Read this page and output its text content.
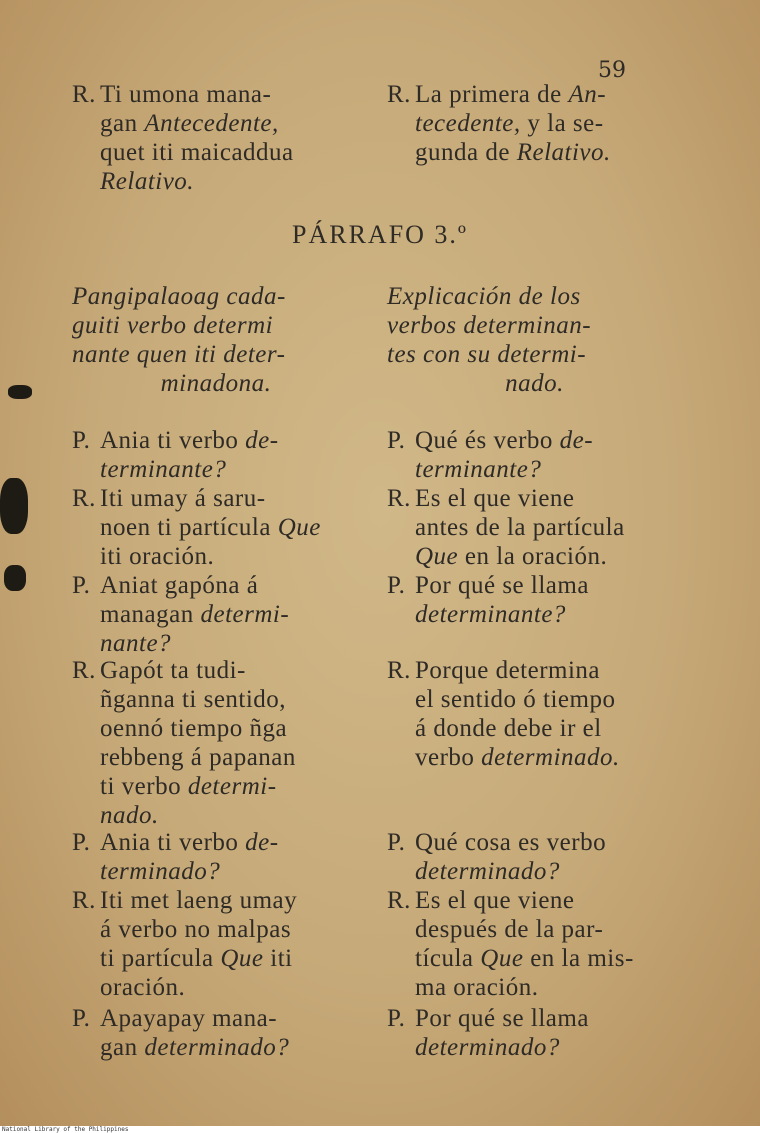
59
R. Ti umona mana-
gan Antecedente,
quet iti maicaddua
Relativo.
R. La primera de An-
tecedente, y la se-
gunda de Relativo.
PÁRRAFO 3.º
Pangipalaoag cada-
guiti verbo determi
nante quen iti deter-
minadona.
Explicación de los
verbos determinan-
tes con su determi-
nado.
P. Ania ti verbo de-
terminante?
R. Iti umay á saru-
noen ti partícula Que
iti oración.
P. Aniat gapóna á
managan determi-
nante?
R. Gapót ta tudi-
ñganna ti sentido,
oennó tiempo ñga
rebbeng á papanan
ti verbo determi-
nado.
P. Ania ti verbo de-
terminado?
R. Iti met laeng umay
á verbo no malpas
ti partícula Que iti
oración.
P. Apayapay mana-
gan determinado?
P. Qué és verbo de-
terminante?
R. Es el que viene
antes de la partícula
Que en la oración.
P. Por qué se llama
determinante?
R. Porque determina
el sentido ó tiempo
á donde debe ir el
verbo determinado.
P. Qué cosa es verbo
determinado?
R. Es el que viene
después de la par-
tícula Que en la mis-
ma oración.
P. Por qué se llama
determinado?
National Library of the Philippines
